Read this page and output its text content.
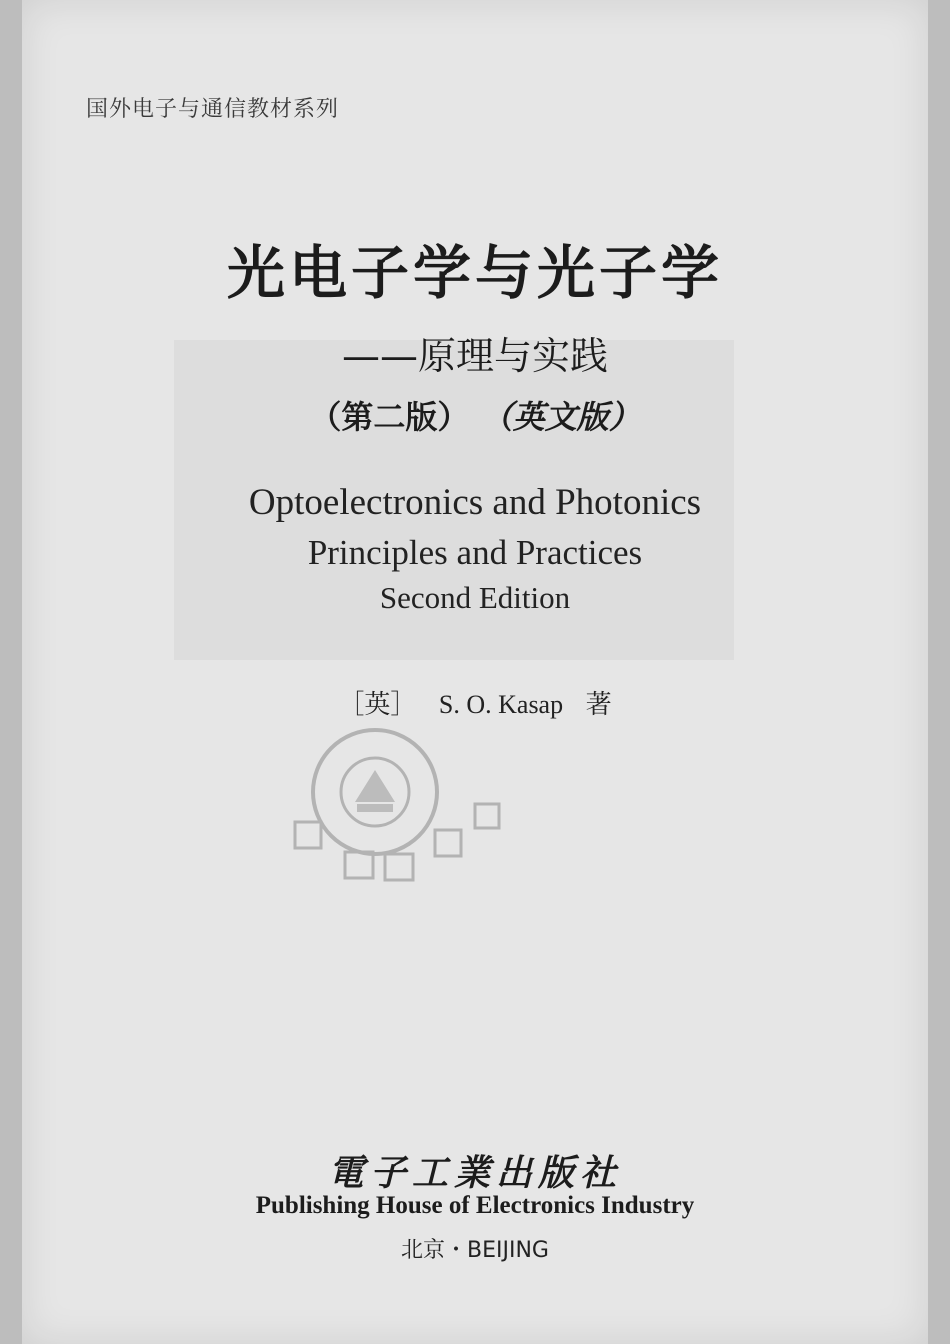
国外电子与通信教材系列
光电子学与光子学
——原理与实践
（第二版） （英文版）
Optoelectronics and Photonics
Principles and Practices
Second Edition
［英］ S. O. Kasap 著
電子工業出版社
Publishing House of Electronics Industry
北京・BEIJING
